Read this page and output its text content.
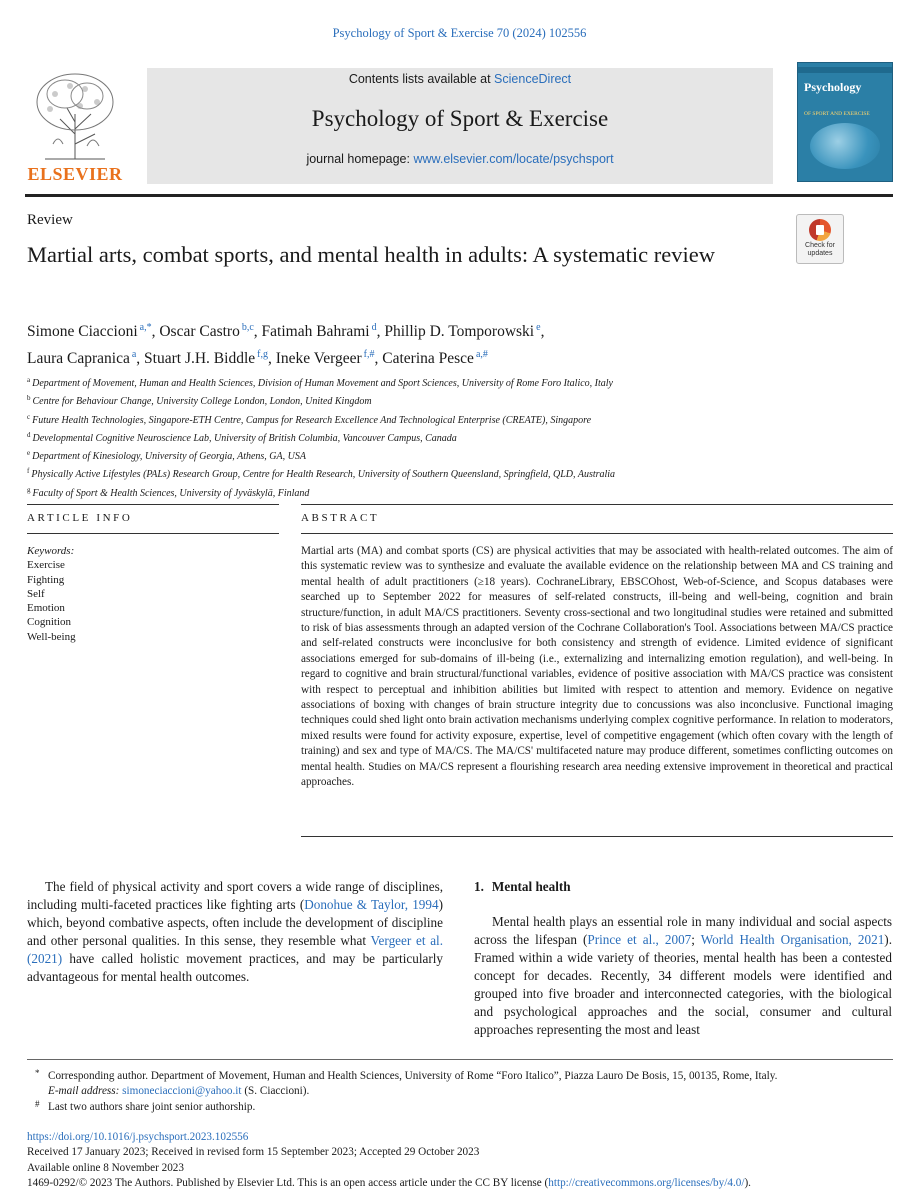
Psychology of Sport & Exercise 70 (2024) 102556
ELSEVIER
Contents lists available at ScienceDirect
Psychology of Sport & Exercise
journal homepage: www.elsevier.com/locate/psychsport
Psychology
OF SPORT AND EXERCISE
Review
Check for updates
Martial arts, combat sports, and mental health in adults: A systematic review
Simone Ciaccioni $^{a,*}$, Oscar Castro $^{b,c}$, Fatimah Bahrami $^d$, Phillip D. Tomporowski $^e$,
Laura Capranica $^a$, Stuart J.H. Biddle $^{f,g}$, Ineke Vergeer $^{f,\#}$, Caterina Pesce $^{a,\#}$
$^a$ Department of Movement, Human and Health Sciences, Division of Human Movement and Sport Sciences, University of Rome Foro Italico, Italy
$^b$ Centre for Behaviour Change, University College London, London, United Kingdom
$^c$ Future Health Technologies, Singapore-ETH Centre, Campus for Research Excellence And Technological Enterprise (CREATE), Singapore
$^d$ Developmental Cognitive Neuroscience Lab, University of British Columbia, Vancouver Campus, Canada
$^e$ Department of Kinesiology, University of Georgia, Athens, GA, USA
$^f$ Physically Active Lifestyles (PALs) Research Group, Centre for Health Research, University of Southern Queensland, Springfield, QLD, Australia
$^g$ Faculty of Sport & Health Sciences, University of Jyväskylä, Finland
ARTICLE INFO	ABSTRACT
Keywords:
Exercise
Fighting
Self
Emotion
Cognition
Well-being
Martial arts (MA) and combat sports (CS) are physical activities that may be associated with health-related outcomes. The aim of this systematic review was to synthesize and evaluate the available evidence on the relationship between MA and CS training and mental health of adult practitioners (≥18 years). CochraneLibrary, EBSCOhost, Web-of-Science, and Scopus databases were searched up to September 2022 for measures of self-related constructs, ill-being and well-being, cognition and brain structure/function, in adult MA/CS practitioners. Seventy cross-sectional and two longitudinal studies were retained and submitted to risk of bias assessments through an adapted version of the Cochrane Collaboration's Tool. Associations between MA/CS practice and self-related constructs were inconclusive for both consistency and strength of evidence. Limited evidence of significant associations emerged for sub-domains of ill-being (i.e., externalizing and internalizing emotion regulation), and well-being. In regard to cognitive and brain structural/functional variables, evidence of positive association with MA/CS practice was consistent with respect to perceptual and inhibition abilities but limited with respect to attention and memory. Evidence on negative associations of boxing with changes of brain structure integrity due to concussions was also inconclusive. Functional imaging techniques could shed light onto brain activation mechanisms underlying complex cognitive performance. In relation to moderators, mixed results were found for activity exposure, expertise, level of competitive engagement (which often covary with the length of training) and sex and type of MA/CS. The MA/CS' multifaceted nature may produce different, sometimes conflicting outcomes on mental health. Studies on MA/CS represent a flourishing research area needing extensive improvement in theoretical and practical approaches.

The field of physical activity and sport covers a wide range of disciplines, including multi-faceted practices like fighting arts (Donohue & Taylor, 1994) which, beyond combative aspects, often include the development of discipline and other personal qualities. In this sense, they resemble what Vergeer et al. (2021) have called holistic movement practices, and may be particularly advantageous for mental health outcomes.

1. Mental health

Mental health plays an essential role in many individual and social aspects across the lifespan (Prince et al., 2007; World Health Organisation, 2021). Framed within a wide variety of theories, mental health has been a contested concept for decades. Recently, 34 different models were identified and grouped into five broader and interconnected categories, with the biological and psychological approaches and the social, consumer and cultural approaches representing the most and least

* Corresponding author. Department of Movement, Human and Health Sciences, University of Rome “Foro Italico”, Piazza Lauro De Bosis, 15, 00135, Rome, Italy.
E-mail address: simoneciaccioni@yahoo.it (S. Ciaccioni).
# Last two authors share joint senior authorship.
https://doi.org/10.1016/j.psychsport.2023.102556
Received 17 January 2023; Received in revised form 15 September 2023; Accepted 29 October 2023
Available online 8 November 2023
1469-0292/© 2023 The Authors. Published by Elsevier Ltd. This is an open access article under the CC BY license (http://creativecommons.org/licenses/by/4.0/).
